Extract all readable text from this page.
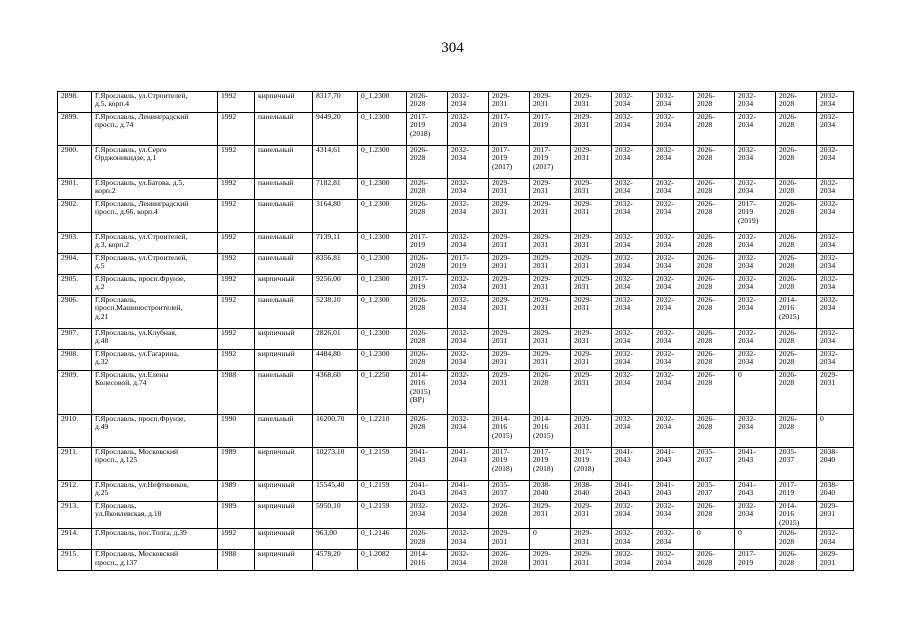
304
2898.	Г.Ярославль, ул.Строителей,
д.5, корп.4	1992	кирпичный	8317,70	0_1.2300	2026-
2028	2032-
2034	2029-
2031	2029-
2031	2029-
2031	2032-
2034	2032-
2034	2026-
2028	2032-
2034	2026-
2028	2032-
2034
2899.	Г.Ярославль, Ленинградский
просп., д.74	1992	панельный	9449,20	0_1.2300	2017-
2019
(2018)	2032-
2034	2017-
2019	2017-
2019	2029-
2031	2032-
2034	2032-
2034	2026-
2028	2032-
2034	2026-
2028	2032-
2034
2900.	Г.Ярославль, ул.Серго
Орджоникидзе, д.1	1992	панельный	4314,61	0_1.2300	2026-
2028	2032-
2034	2017-
2019
(2017)	2017-
2019
(2017)	2029-
2031	2032-
2034	2032-
2034	2026-
2028	2032-
2034	2026-
2028	2032-
2034
2901.	Г.Ярославль, ул.Батова, д.5,
корп.2	1992	панельный	7182,81	0_1.2300	2026-
2028	2032-
2034	2029-
2031	2029-
2031	2029-
2031	2032-
2034	2032-
2034	2026-
2028	2032-
2034	2026-
2028	2032-
2034
2902.	Г.Ярославль, Ленинградский
просп., д.66, корп.4	1992	панельный	3164,80	0_1.2300	2026-
2028	2032-
2034	2029-
2031	2029-
2031	2029-
2031	2032-
2034	2032-
2034	2026-
2028	2017-
2019
(2019)	2026-
2028	2032-
2034
2903.	Г.Ярославль, ул.Строителей,
д.3, корп.2	1992	панельный	7139,11	0_1.2300	2017-
2019	2032-
2034	2029-
2031	2029-
2031	2029-
2031	2032-
2034	2032-
2034	2026-
2028	2032-
2034	2026-
2028	2032-
2034
2904.	Г.Ярославль, ул.Строителей,
д.5	1992	панельный	8356,81	0_1.2300	2026-
2028	2017-
2019	2029-
2031	2029-
2031	2029-
2031	2032-
2034	2032-
2034	2026-
2028	2032-
2034	2026-
2028	2032-
2034
2905.	Г.Ярославль, просп.Фрунзе,
д.2	1992	кирпичный	9256,00	0_1.2300	2017-
2019	2032-
2034	2029-
2031	2029-
2031	2029-
2031	2032-
2034	2032-
2034	2026-
2028	2032-
2034	2026-
2028	2032-
2034
2906.	Г.Ярославль,
просп.Машиностроителей,
д.21	1992	панельный	5238,10	0_1.2300	2026-
2028	2032-
2034	2029-
2031	2029-
2031	2029-
2031	2032-
2034	2032-
2034	2026-
2028	2032-
2034	2014-
2016
(2015)	2032-
2034
2907.	Г.Ярославль, ул.Клубная,
д.48	1992	кирпичный	2826,01	0_1.2300	2026-
2028	2032-
2034	2029-
2031	2029-
2031	2029-
2031	2032-
2034	2032-
2034	2026-
2028	2032-
2034	2026-
2028	2032-
2034
2908.	Г.Ярославль, ул.Гагарина,
д.32	1992	кирпичный	4484,80	0_1.2300	2026-
2028	2032-
2034	2029-
2031	2029-
2031	2029-
2031	2032-
2034	2032-
2034	2026-
2028	2032-
2034	2026-
2028	2032-
2034
2909.	Г.Ярославль, ул.Елены
Колесовой, д.74	1988	панельный	4368,60	0_1.2250	2014-
2016
(2015)
(ВР)	2032-
2034	2029-
2031	2026-
2028	2029-
2031	2032-
2034	2032-
2034	2026-
2028	0	2026-
2028	2029-
2031
2910.	Г.Ярославль, просп.Фрунзе,
д.49	1990	панельный	16200,70	0_1.2210	2026-
2028	2032-
2034	2014-
2016
(2015)	2014-
2016
(2015)	2029-
2031	2032-
2034	2032-
2034	2026-
2028	2032-
2034	2026-
2028	0
2911.	Г.Ярославль, Московский
просп., д.125	1989	кирпичный	10273,10	0_1.2159	2041-
2043	2041-
2043	2017-
2019
(2018)	2017-
2019
(2018)	2017-
2019
(2018)	2041-
2043	2041-
2043	2035-
2037	2041-
2043	2035-
2037	2038-
2040
2912.	Г.Ярославль, ул.Нефтяников,
д.25	1989	кирпичный	15545,40	0_1.2159	2041-
2043	2041-
2043	2035-
2037	2038-
2040	2038-
2040	2041-
2043	2041-
2043	2035-
2037	2041-
2043	2017-
2019	2038-
2040
2913.	Г.Ярославль,
ул.Яковлевская, д.18	1989	кирпичный	5950,10	0_1.2159	2032-
2034	2032-
2034	2026-
2028	2029-
2031	2029-
2031	2032-
2034	2032-
2034	2026-
2028	2032-
2034	2014-
2016
(2015)	2029-
2031
2914.	Г.Ярославль, пос.Толга, д.39	1992	кирпичный	963,00	0_1.2146	2026-
2028	2032-
2034	2029-
2031	0	2029-
2031	2032-
2034	2032-
2034	0	0	2026-
2028	2032-
2034
2915.	Г.Ярославль, Московский
просп., д.137	1988	кирпичный	4578,20	0_1.2082	2014-
2016	2032-
2034	2026-
2028	2029-
2031	2029-
2031	2032-
2034	2032-
2034	2026-
2028	2017-
2019	2026-
2028	2029-
2031
